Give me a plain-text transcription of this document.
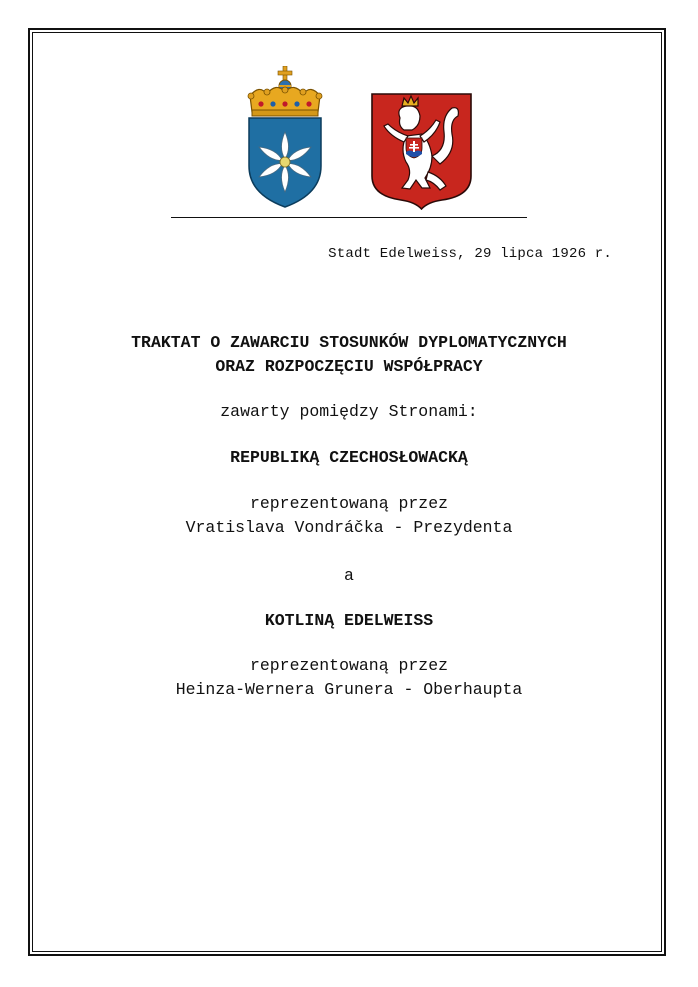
Stadt Edelweiss, 29 lipca 1926 r.
TRAKTAT O ZAWARCIU STOSUNKÓW DYPLOMATYCZNYCH
ORAZ ROZPOCZĘCIU WSPÓŁPRACY
zawarty pomiędzy Stronami:
REPUBLIKĄ CZECHOSŁOWACKĄ
reprezentowaną przez
Vratislava Vondráčka - Prezydenta
a
KOTLINĄ EDELWEISS
reprezentowaną przez
Heinza-Wernera Grunera - Oberhaupta
